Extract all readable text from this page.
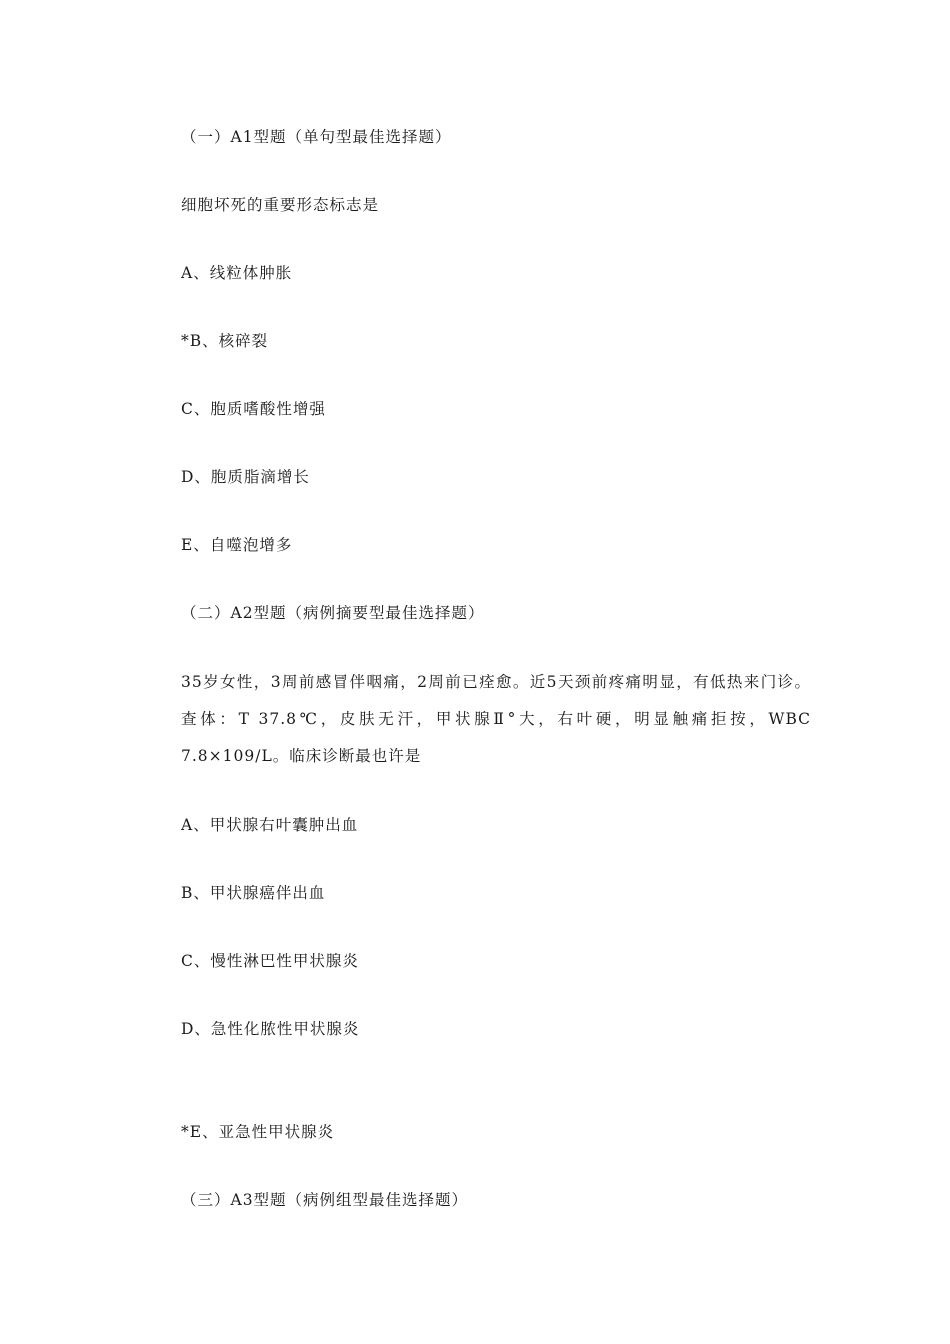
（一）A1型题（单句型最佳选择题）
细胞坏死的重要形态标志是
A、线粒体肿胀
*B、核碎裂
C、胞质嗜酸性增强
D、胞质脂滴增长
E、自噬泡增多
（二）A2型题（病例摘要型最佳选择题）
35岁女性，3周前感冒伴咽痛，2周前已痊愈。近5天颈前疼痛明显，有低热来门诊。查体：T 37.8℃，皮肤无汗，甲状腺Ⅱ°大，右叶硬，明显触痛拒按，WBC 7.8×109/L。临床诊断最也许是
A、甲状腺右叶囊肿出血
B、甲状腺癌伴出血
C、慢性淋巴性甲状腺炎
D、急性化脓性甲状腺炎
*E、亚急性甲状腺炎
（三）A3型题（病例组型最佳选择题）
